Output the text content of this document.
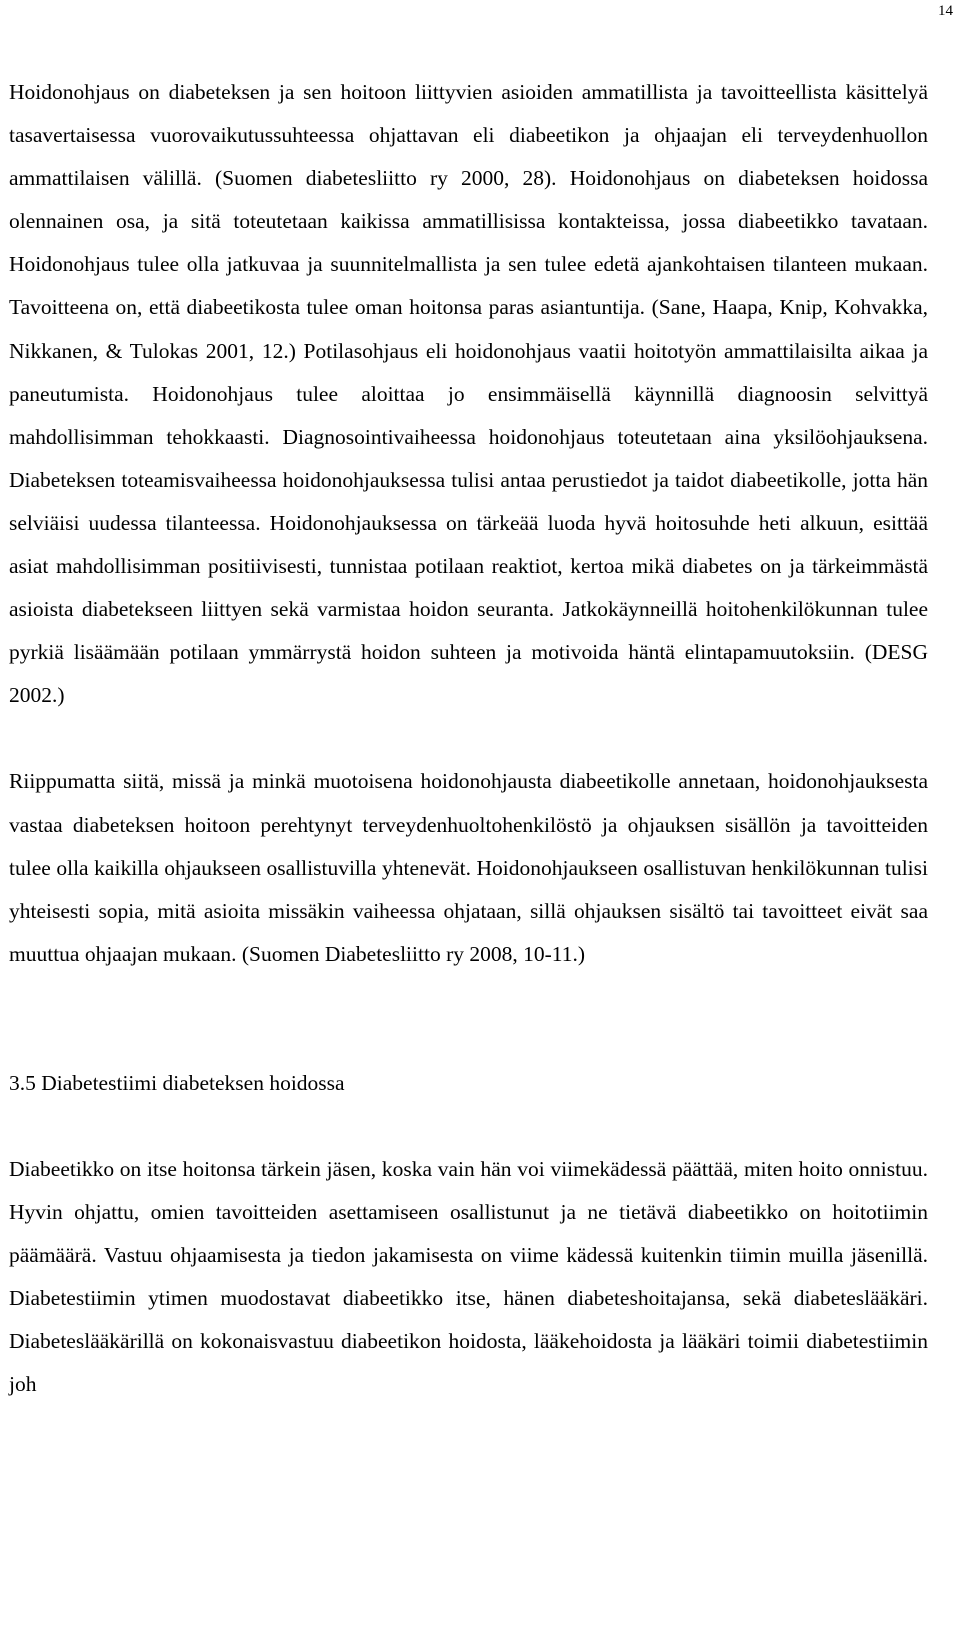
14

Hoidonohjaus on diabeteksen ja sen hoitoon liittyvien asioiden ammatillista ja tavoitteellista käsittelyä tasavertaisessa vuorovaikutussuhteessa ohjattavan eli diabeetikon ja ohjaajan eli terveydenhuollon ammattilaisen välillä. (Suomen diabetesliitto ry 2000, 28). Hoidonohjaus on diabeteksen hoidossa olennainen osa, ja sitä toteutetaan kaikissa ammatillisissa kontakteissa, jossa diabeetikko tavataan. Hoidonohjaus tulee olla jatkuvaa ja suunnitelmallista ja sen tulee edetä ajankohtaisen tilanteen mukaan. Tavoitteena on, että diabeetikosta tulee oman hoitonsa paras asiantuntija. (Sane, Haapa, Knip, Kohvakka, Nikkanen, & Tulokas 2001, 12.) Potilasohjaus eli hoidonohjaus vaatii hoitotyön ammattilaisilta aikaa ja paneutumista. Hoidonohjaus tulee aloittaa jo ensimmäisellä käynnillä diagnoosin selvittyä mahdollisimman tehokkaasti. Diagnosointivaiheessa hoidonohjaus toteutetaan aina yksilöohjauksena. Diabeteksen toteamisvaiheessa hoidonohjauksessa tulisi antaa perustiedot ja taidot diabeetikolle, jotta hän selviäisi uudessa tilanteessa. Hoidonohjauksessa on tärkeää luoda hyvä hoitosuhde heti alkuun, esittää asiat mahdollisimman positiivisesti, tunnistaa potilaan reaktiot, kertoa mikä diabetes on ja tärkeimmästä asioista diabetekseen liittyen sekä varmistaa hoidon seuranta. Jatkokäynneillä hoitohenkilökunnan tulee pyrkiä lisäämään potilaan ymmärrystä hoidon suhteen ja motivoida häntä elintapamuutoksiin. (DESG 2002.)

Riippumatta siitä, missä ja minkä muotoisena hoidonohjausta diabeetikolle annetaan, hoidonohjauksesta vastaa diabeteksen hoitoon perehtynyt terveydenhuoltohenkilöstö ja ohjauksen sisällön ja tavoitteiden tulee olla kaikilla ohjaukseen osallistuvilla yhtenevät. Hoidonohjaukseen osallistuvan henkilökunnan tulisi yhteisesti sopia, mitä asioita missäkin vaiheessa ohjataan, sillä ohjauksen sisältö tai tavoitteet eivät saa muuttua ohjaajan mukaan. (Suomen Diabetesliitto ry 2008, 10-11.)

3.5 Diabetestiimi diabeteksen hoidossa

Diabeetikko on itse hoitonsa tärkein jäsen, koska vain hän voi viimekädessä päättää, miten hoito onnistuu. Hyvin ohjattu, omien tavoitteiden asettamiseen osallistunut ja ne tietävä diabeetikko on hoitotiimin päämäärä. Vastuu ohjaamisesta ja tiedon jakamisesta on viime kädessä kuitenkin tiimin muilla jäsenillä. Diabetestiimin ytimen muodostavat diabeetikko itse, hänen diabeteshoitajansa, sekä diabeteslääkäri. Diabeteslääkärillä on kokonaisvastuu diabeetikon hoidosta, lääkehoidosta ja lääkäri toimii diabetestiimin joh
